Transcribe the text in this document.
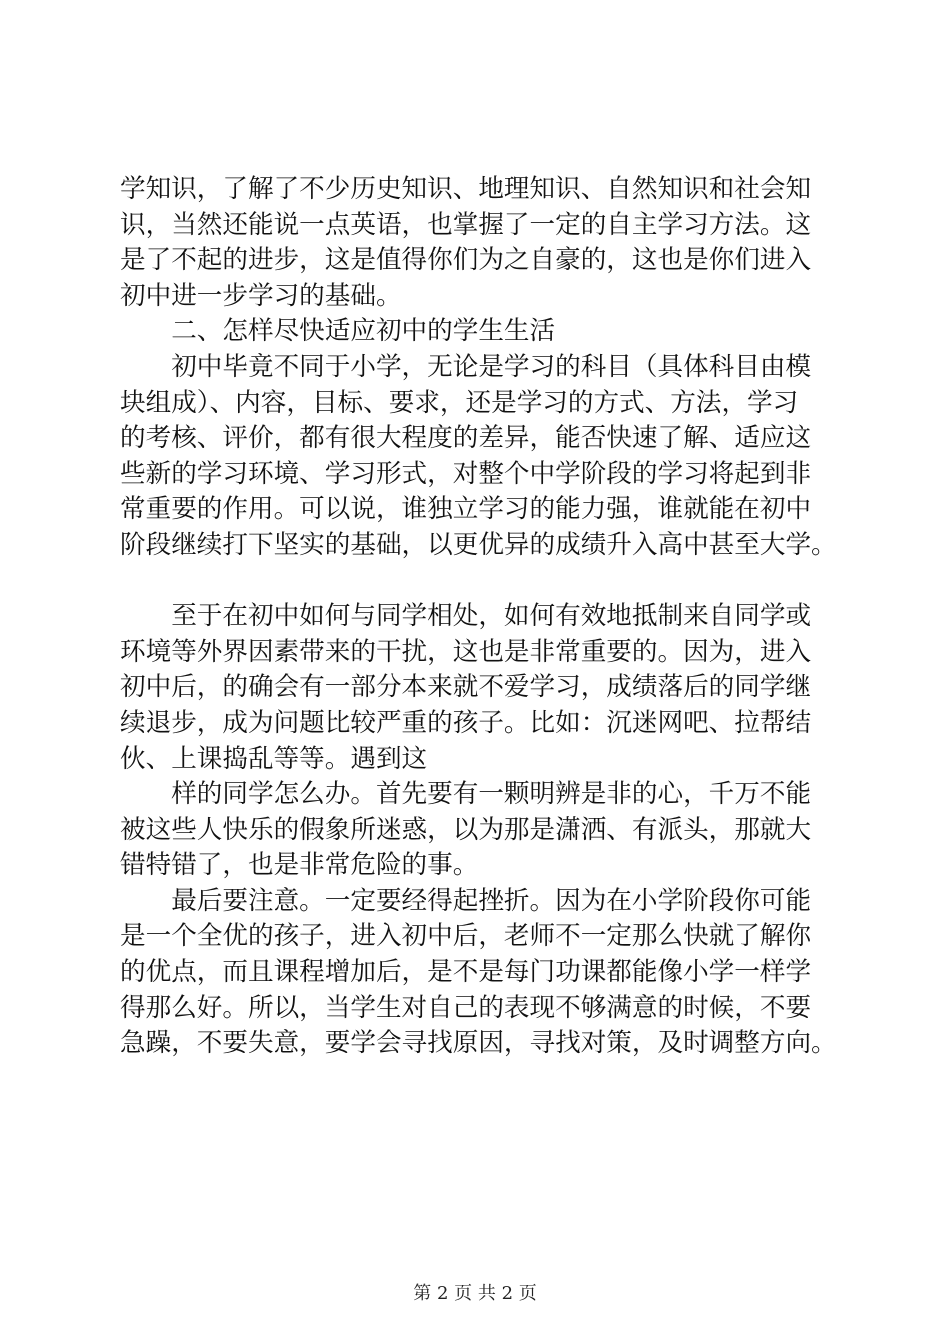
学知识，了解了不少历史知识、地理知识、自然知识和社会知
识，当然还能说一点英语，也掌握了一定的自主学习方法。这
是了不起的进步，这是值得你们为之自豪的，这也是你们进入
初中进一步学习的基础。
　　二、怎样尽快适应初中的学生生活
　　初中毕竟不同于小学，无论是学习的科目（具体科目由模
块组成）、内容，目标、要求，还是学习的方式、方法，学习
的考核、评价，都有很大程度的差异，能否快速了解、适应这
些新的学习环境、学习形式，对整个中学阶段的学习将起到非
常重要的作用。可以说，谁独立学习的能力强，谁就能在初中
阶段继续打下坚实的基础，以更优异的成绩升入高中甚至大学。
　　至于在初中如何与同学相处，如何有效地抵制来自同学或
环境等外界因素带来的干扰，这也是非常重要的。因为，进入
初中后，的确会有一部分本来就不爱学习，成绩落后的同学继
续退步，成为问题比较严重的孩子。比如：沉迷网吧、拉帮结
伙、上课捣乱等等。遇到这
　　样的同学怎么办。首先要有一颗明辨是非的心，千万不能
被这些人快乐的假象所迷惑，以为那是潇洒、有派头，那就大
错特错了，也是非常危险的事。
　　最后要注意。一定要经得起挫折。因为在小学阶段你可能
是一个全优的孩子，进入初中后，老师不一定那么快就了解你
的优点，而且课程增加后，是不是每门功课都能像小学一样学
得那么好。所以，当学生对自己的表现不够满意的时候，不要
急躁，不要失意，要学会寻找原因，寻找对策，及时调整方向。
第 2 页 共 2 页
